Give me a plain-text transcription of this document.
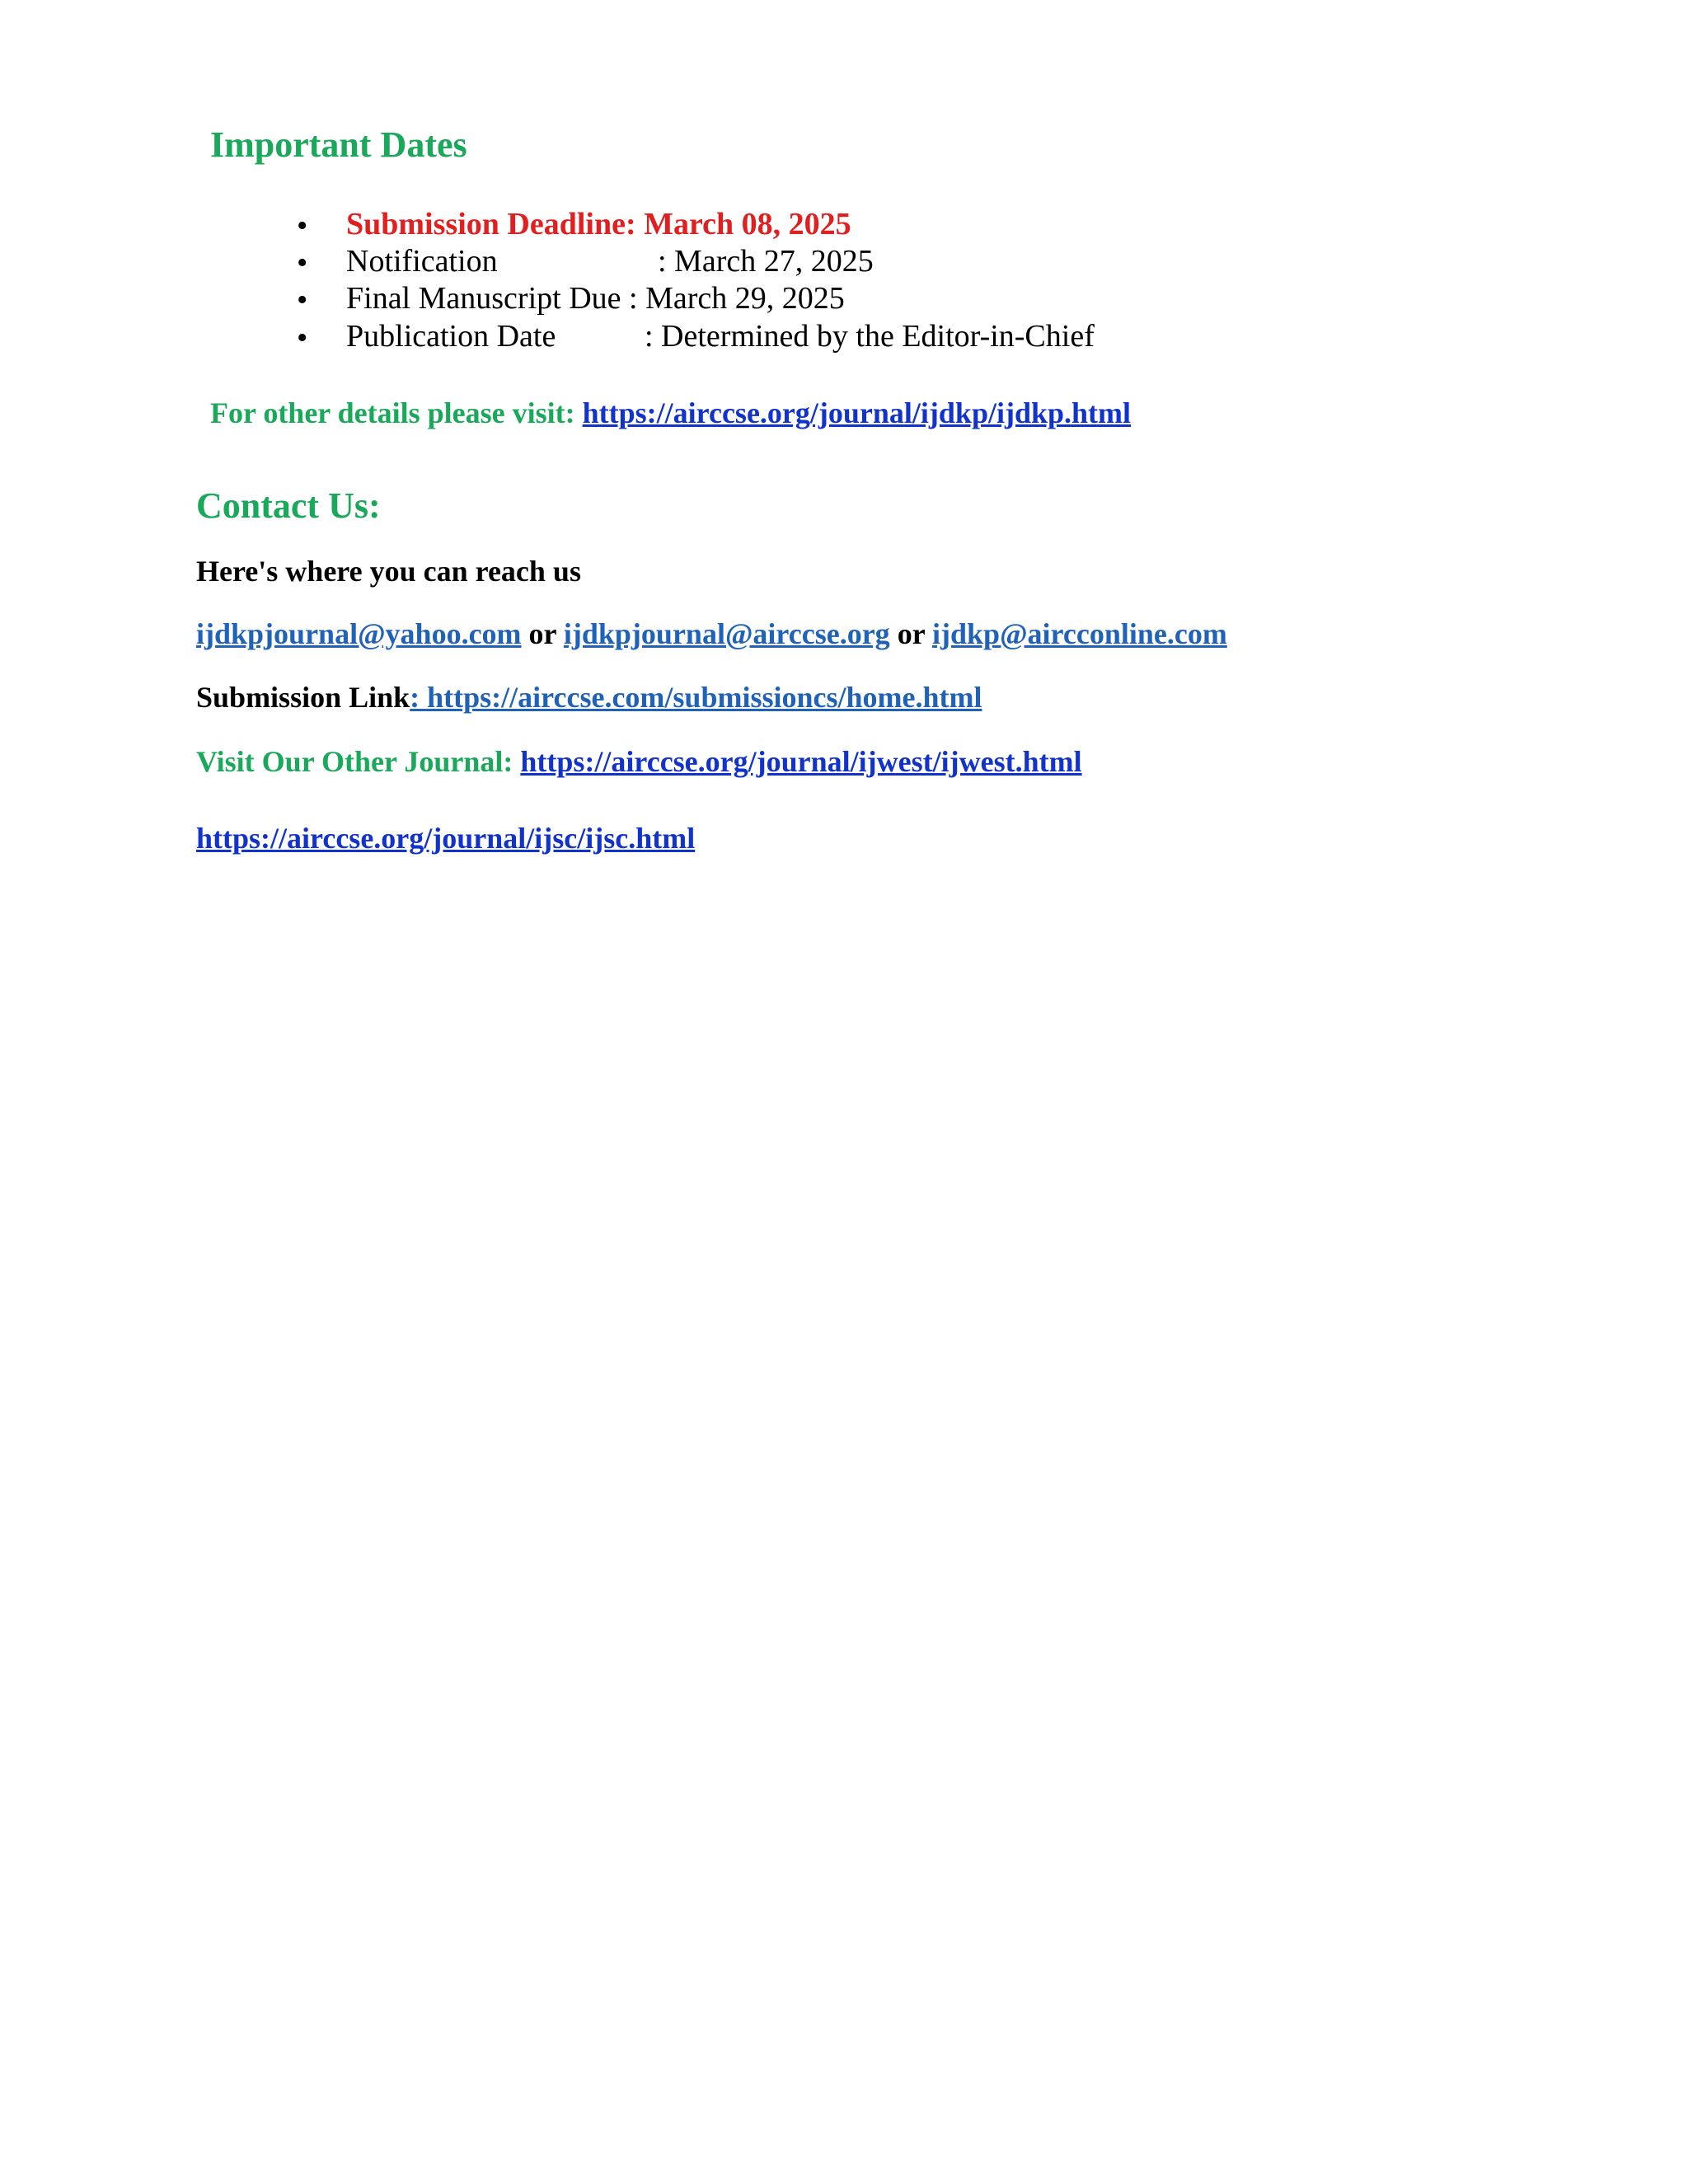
Important Dates
• Submission Deadline: March 08, 2025
• Notification	: March 27, 2025
• Final Manuscript Due : March 29, 2025
• Publication Date	: Determined by the Editor-in-Chief
For other details please visit: https://airccse.org/journal/ijdkp/ijdkp.html
Contact Us:
Here's where you can reach us
ijdkpjournal@yahoo.com or ijdkpjournal@airccse.org or ijdkp@aircconline.com
Submission Link: https://airccse.com/submissioncs/home.html
Visit Our Other Journal: https://airccse.org/journal/ijwest/ijwest.html
https://airccse.org/journal/ijsc/ijsc.html
